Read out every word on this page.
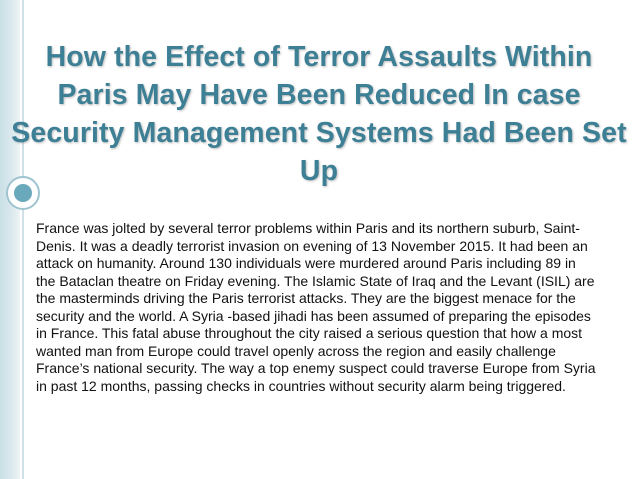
How the Effect of Terror Assaults Within Paris May Have Been Reduced In case Security Management Systems Had Been Set Up

France was jolted by several terror problems within Paris and its northern suburb, Saint-Denis. It was a deadly terrorist invasion on evening of 13 November 2015. It had been an attack on humanity. Around 130 individuals were murdered around Paris including 89 in the Bataclan theatre on Friday evening. The Islamic State of Iraq and the Levant (ISIL) are the masterminds driving the Paris terrorist attacks. They are the biggest menace for the security and the world. A Syria -based jihadi has been assumed of preparing the episodes in France. This fatal abuse throughout the city raised a serious question that how a most wanted man from Europe could travel openly across the region and easily challenge France’s national security. The way a top enemy suspect could traverse Europe from Syria in past 12 months, passing checks in countries without security alarm being triggered.
